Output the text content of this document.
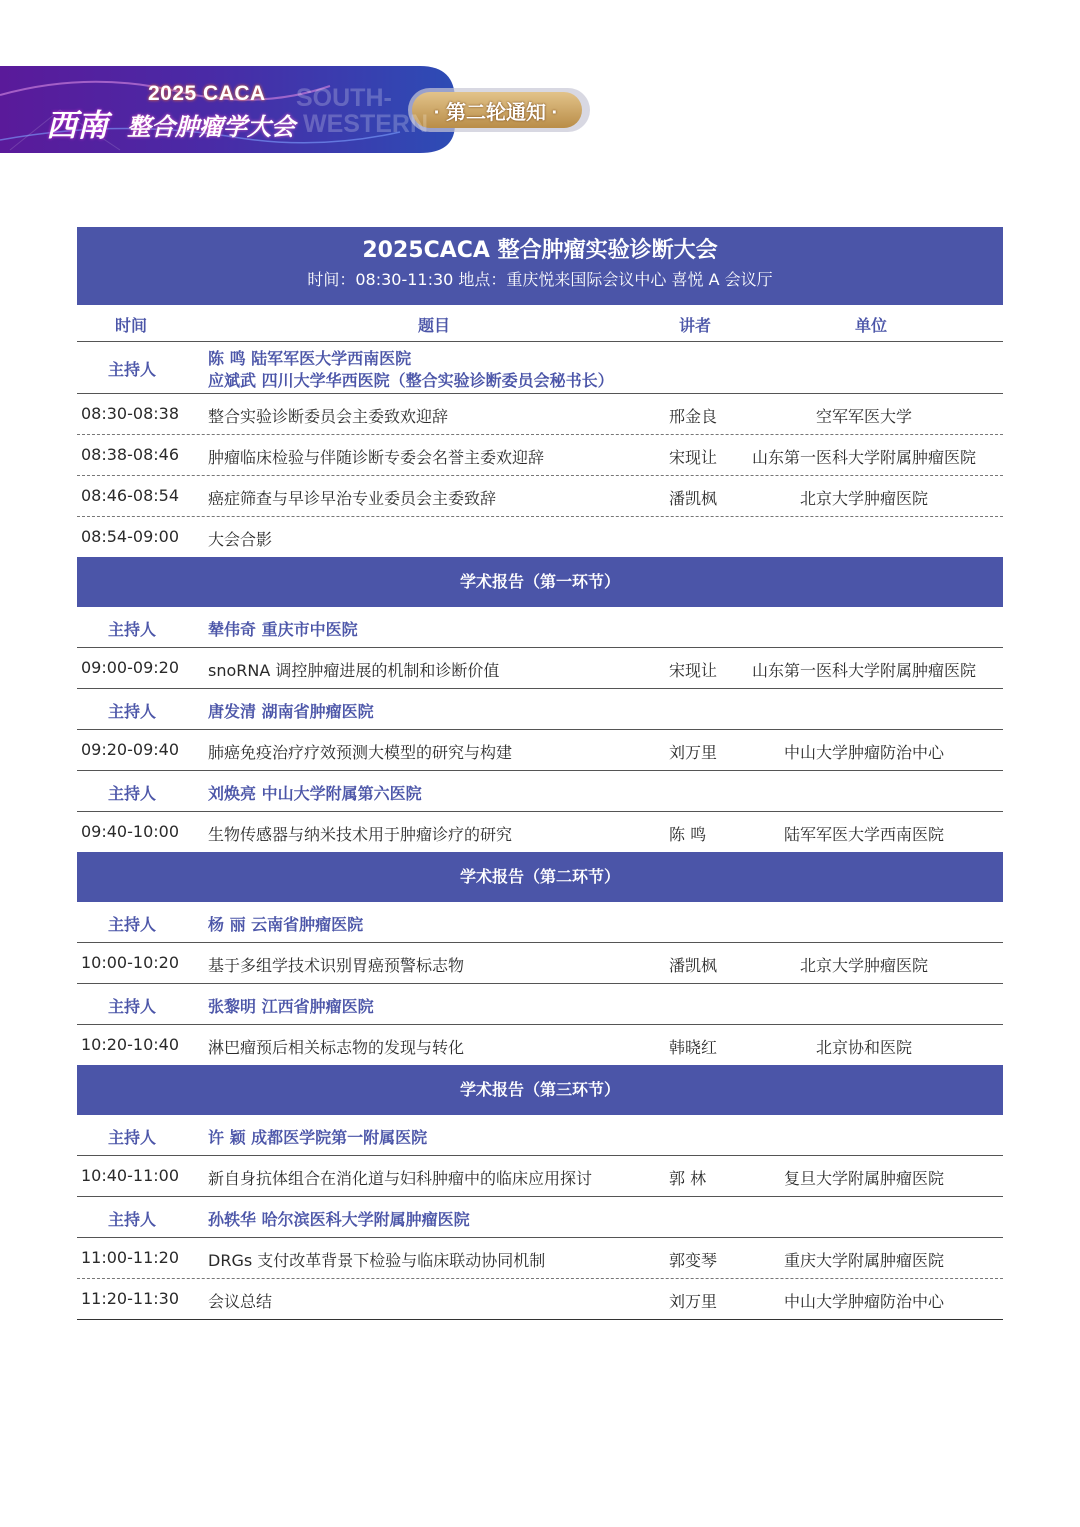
2025 CACA
西南 整合肿瘤学大会
SOUTH-
WESTERN · 第二轮通知 ·
2025CACA 整合肿瘤实验诊断大会
时间：08:30-11:30 地点：重庆悦来国际会议中心 喜悦 A 会议厅
时间	题目	讲者	单位
主持人
陈 鸣 陆军军医大学西南医院
应斌武 四川大学华西医院（整合实验诊断委员会秘书长）
08:30-08:38 整合实验诊断委员会主委致欢迎辞	邢金良	空军军医大学
08:38-08:46 肿瘤临床检验与伴随诊断专委会名誉主委欢迎辞	宋现让	山东第一医科大学附属肿瘤医院
08:46-08:54 癌症筛查与早诊早治专业委员会主委致辞	潘凯枫	北京大学肿瘤医院
08:54-09:00 大会合影
学术报告（第一环节）
主持人	辇伟奇 重庆市中医院
09:00-09:20 snoRNA 调控肿瘤进展的机制和诊断价值	宋现让	山东第一医科大学附属肿瘤医院
主持人	唐发清 湖南省肿瘤医院
09:20-09:40 肺癌免疫治疗疗效预测大模型的研究与构建	刘万里	中山大学肿瘤防治中心
主持人	刘焕亮 中山大学附属第六医院
09:40-10:00 生物传感器与纳米技术用于肿瘤诊疗的研究	陈 鸣	陆军军医大学西南医院
学术报告（第二环节）
主持人	杨 丽 云南省肿瘤医院
10:00-10:20 基于多组学技术识别胃癌预警标志物	潘凯枫	北京大学肿瘤医院
主持人	张黎明 江西省肿瘤医院
10:20-10:40 淋巴瘤预后相关标志物的发现与转化	韩晓红	北京协和医院
学术报告（第三环节）
主持人	许 颖 成都医学院第一附属医院
10:40-11:00 新自身抗体组合在消化道与妇科肿瘤中的临床应用探讨	郭 林	复旦大学附属肿瘤医院
主持人	孙轶华 哈尔滨医科大学附属肿瘤医院
11:00-11:20 DRGs 支付改革背景下检验与临床联动协同机制	郭变琴	重庆大学附属肿瘤医院
11:20-11:30 会议总结	刘万里	中山大学肿瘤防治中心
